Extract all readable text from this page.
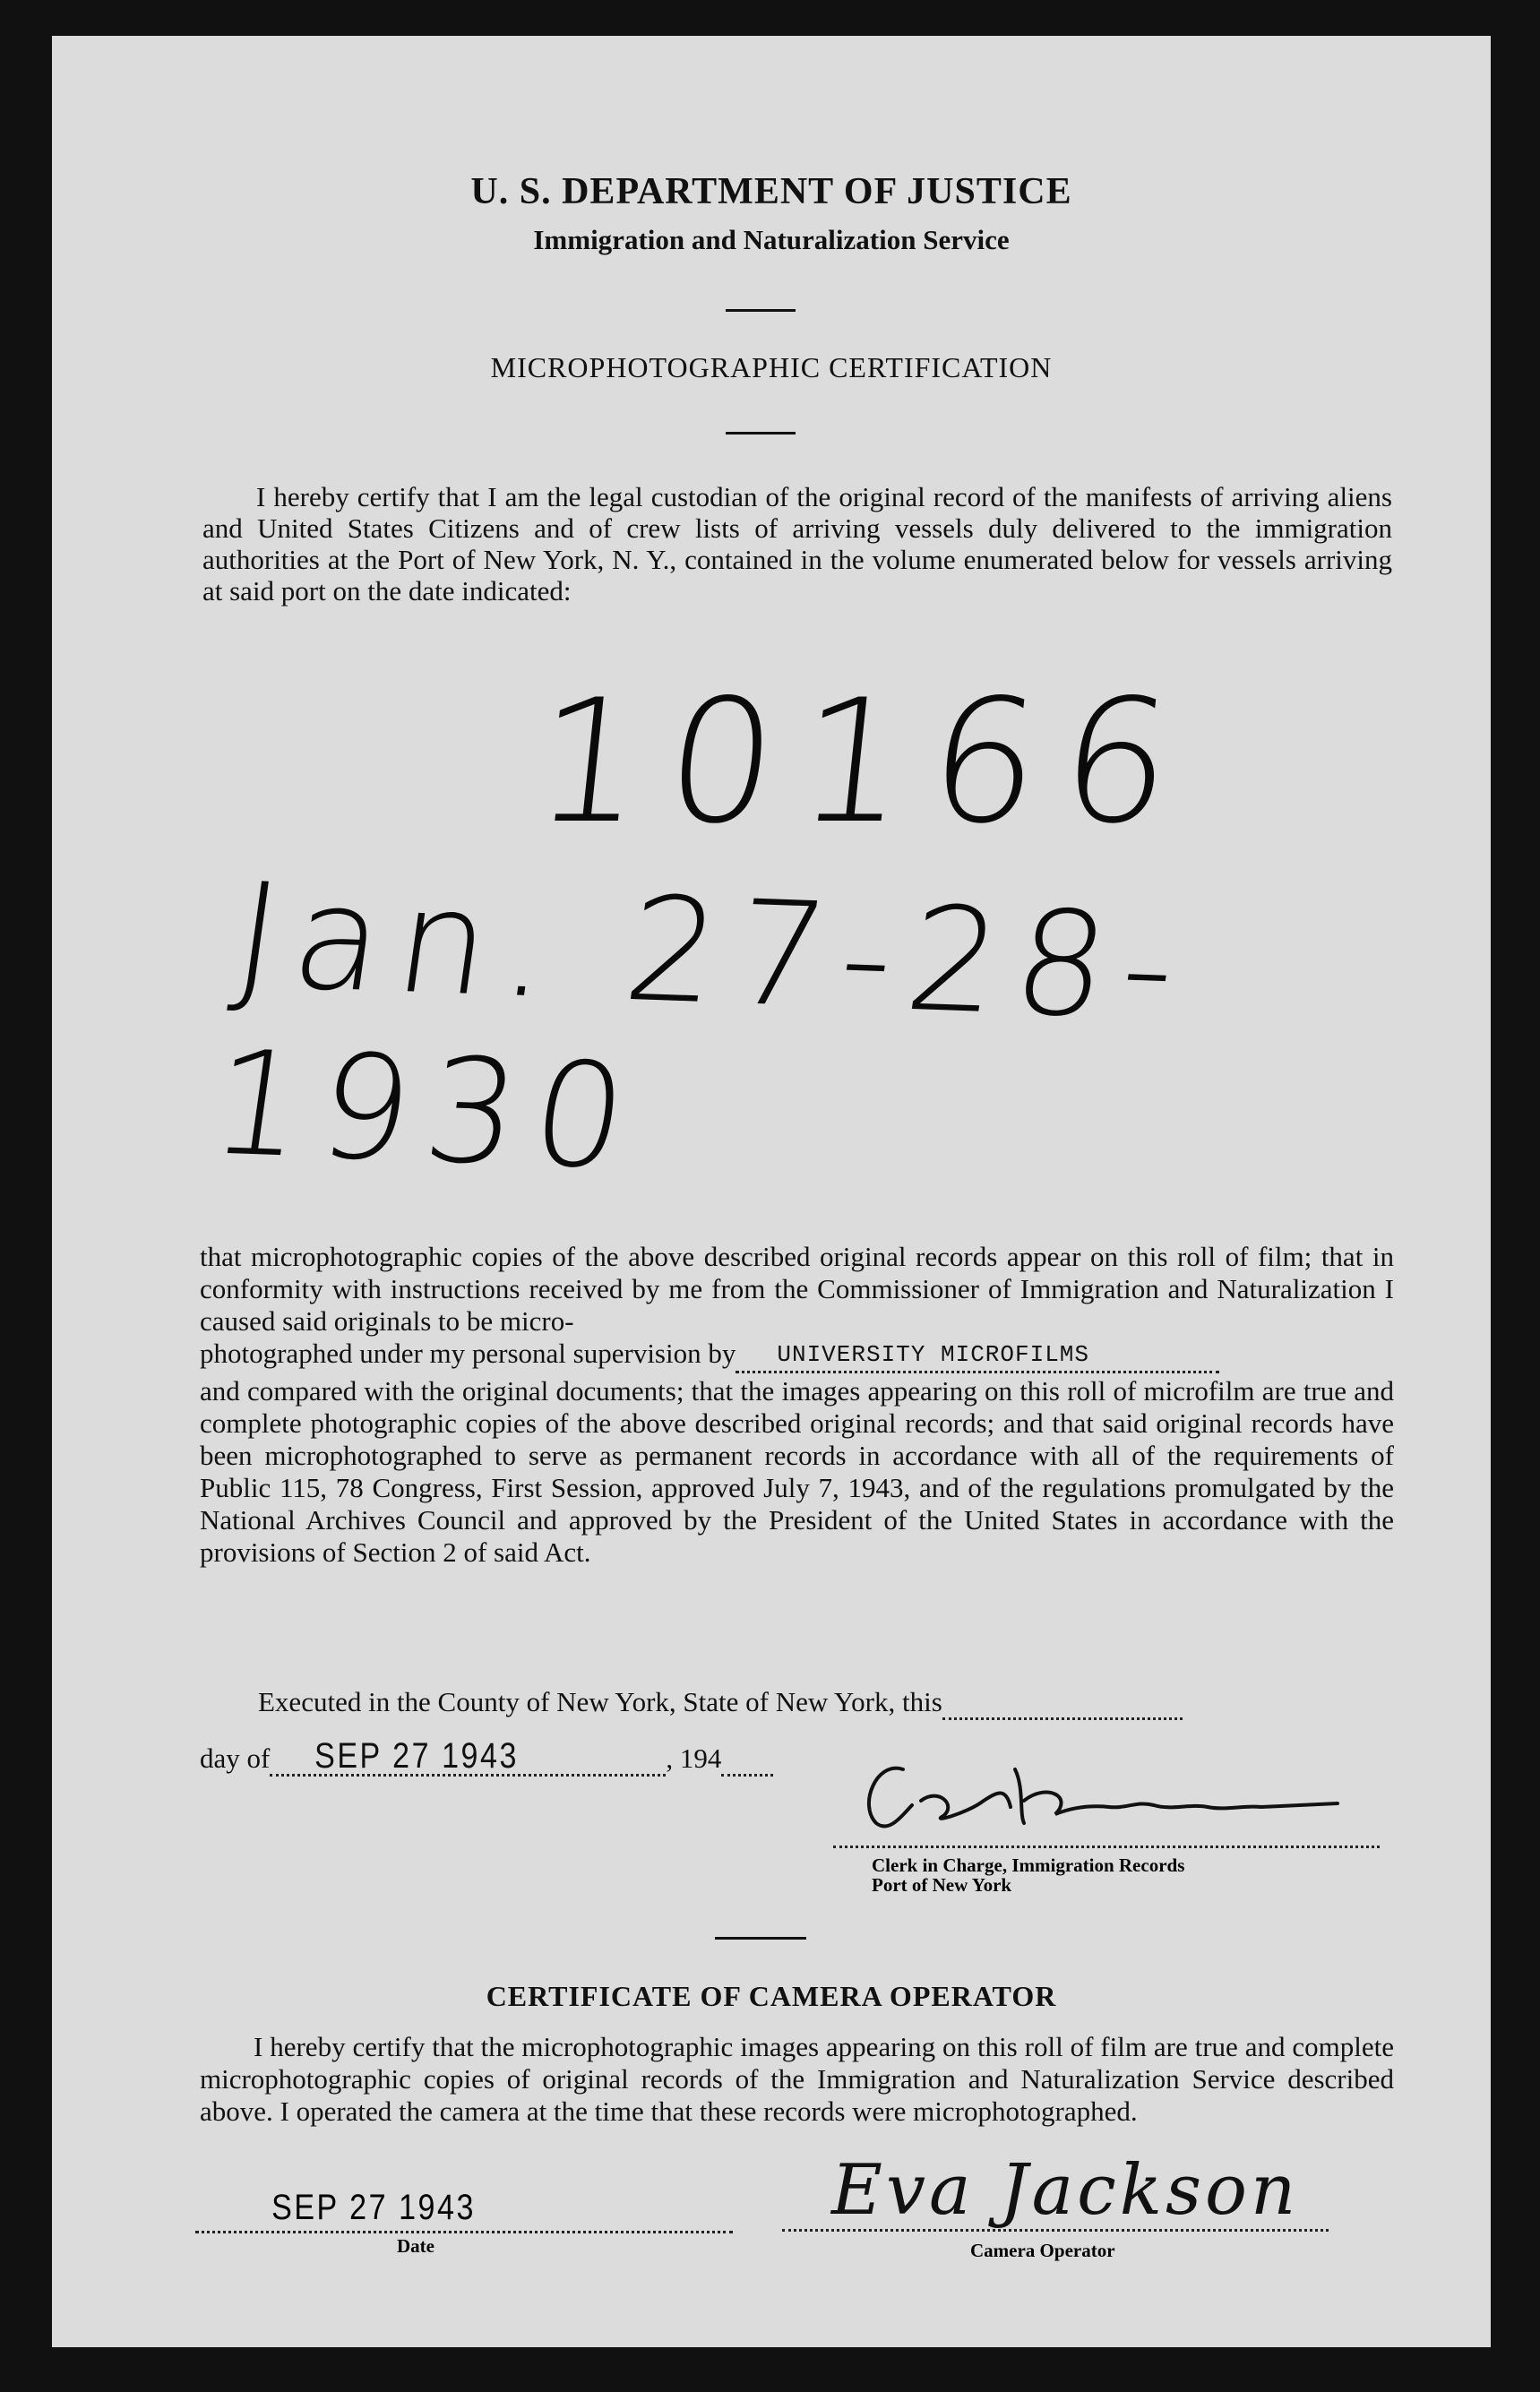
U. S. DEPARTMENT OF JUSTICE
Immigration and Naturalization Service
MICROPHOTOGRAPHIC CERTIFICATION

I hereby certify that I am the legal custodian of the original record of the manifests of arriving aliens and United States Citizens and of crew lists of arriving vessels duly delivered to the immigration authorities at the Port of New York, N. Y., contained in the volume enumerated below for vessels arriving at said port on the date indicated:

10166
Jan. 27-28-1930

that microphotographic copies of the above described original records appear on this roll of film; that in conformity with instructions received by me from the Commissioner of Immigration and Naturalization I caused said originals to be micro-

photographed under my personal supervision by UNIVERSITY MICROFILMS

and compared with the original documents; that the images appearing on this roll of microfilm are true and complete photographic copies of the above described original records; and that said original records have been microphotographed to serve as permanent records in accordance with all of the requirements of Public 115, 78 Congress, First Session, approved July 7, 1943, and of the regulations promulgated by the National Archives Council and approved by the President of the United States in accordance with the provisions of Section 2 of said Act.

Executed in the County of New York, State of New York, this
day of SEP 27 1943	, 194
Clerk in Charge, Immigration Records
Port of New York
CERTIFICATE OF CAMERA OPERATOR

I hereby certify that the microphotographic images appearing on this roll of film are true and complete microphotographic copies of original records of the Immigration and Naturalization Service described above. I operated the camera at the time that these records were microphotographed.

SEP 27 1943
Date
Eva Jackson
Camera Operator
